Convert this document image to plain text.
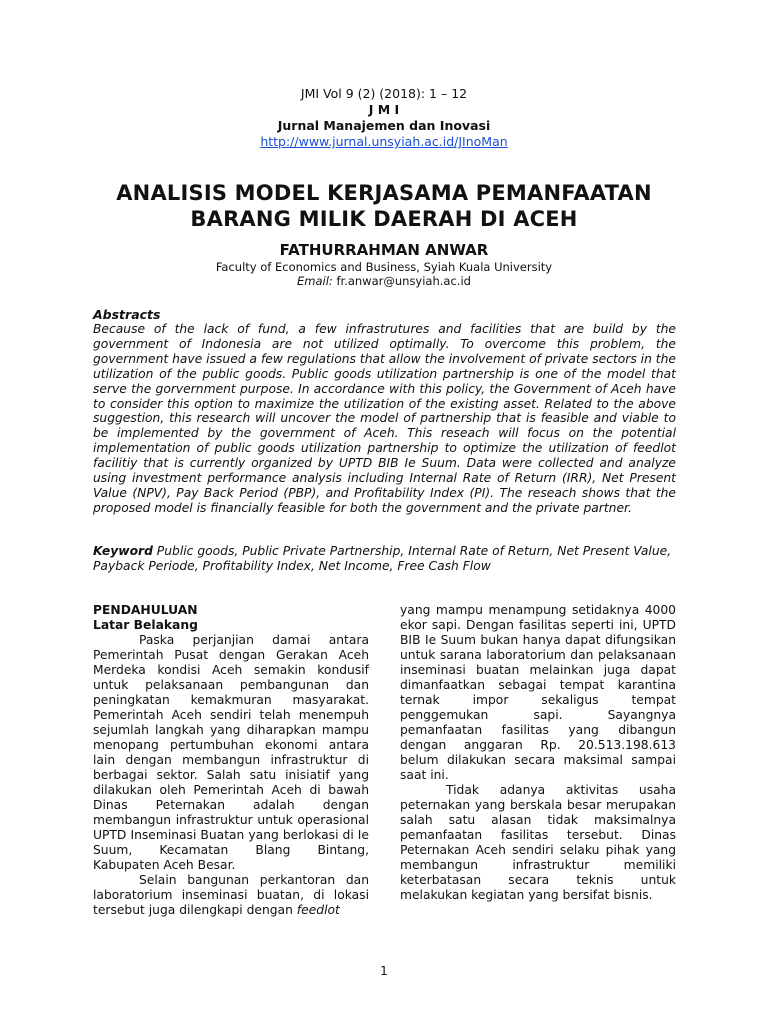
JMI Vol 9 (2) (2018): 1 – 12
J M I
Jurnal Manajemen dan Inovasi
http://www.jurnal.unsyiah.ac.id/JInoMan
ANALISIS MODEL KERJASAMA PEMANFAATAN
BARANG MILIK DAERAH DI ACEH
FATHURRAHMAN ANWAR
Faculty of Economics and Business, Syiah Kuala University
Email: fr.anwar@unsyiah.ac.id
Abstracts

Because of the lack of fund, a few infrastrutures and facilities that are build by the government of Indonesia are not utilized optimally. To overcome this problem, the government have issued a few regulations that allow the involvement of private sectors in the utilization of the public goods. Public goods utilization partnership is one of the model that serve the gorvernment purpose. In accordance with this policy, the Government of Aceh have to consider this option to maximize the utilization of the existing asset. Related to the above suggestion, this research will uncover the model of partnership that is feasible and viable to be implemented by the government of Aceh. This reseach will focus on the potential implementation of public goods utilization partnership to optimize the utilization of feedlot facilitiy that is currently organized by UPTD BIB Ie Suum. Data were collected and analyze using investment performance analysis including Internal Rate of Return (IRR), Net Present Value (NPV), Pay Back Period (PBP), and Profitability Index (PI). The reseach shows that the proposed model is financially feasible for both the government and the private partner.

Keyword Public goods, Public Private Partnership, Internal Rate of Return, Net Present Value, Payback Periode, Profitability Index, Net Income, Free Cash Flow

PENDAHULUAN

Latar Belakang

Paska perjanjian damai antara Pemerintah Pusat dengan Gerakan Aceh Merdeka kondisi Aceh semakin kondusif untuk pelaksanaan pembangunan dan peningkatan kemakmuran masyarakat. Pemerintah Aceh sendiri telah menempuh sejumlah langkah yang diharapkan mampu menopang pertumbuhan ekonomi antara lain dengan membangun infrastruktur di berbagai sektor. Salah satu inisiatif yang dilakukan oleh Pemerintah Aceh di bawah Dinas Peternakan adalah dengan membangun infrastruktur untuk operasional UPTD Inseminasi Buatan yang berlokasi di Ie Suum, Kecamatan Blang Bintang, Kabupaten Aceh Besar.

Selain bangunan perkantoran dan laboratorium inseminasi buatan, di lokasi tersebut juga dilengkapi dengan feedlot

yang mampu menampung setidaknya 4000 ekor sapi. Dengan fasilitas seperti ini, UPTD BIB Ie Suum bukan hanya dapat difungsikan untuk sarana laboratorium dan pelaksanaan inseminasi buatan melainkan juga dapat dimanfaatkan sebagai tempat karantina ternak impor sekaligus tempat penggemukan sapi. Sayangnya pemanfaatan fasilitas yang dibangun dengan anggaran Rp. 20.513.198.613 belum dilakukan secara maksimal sampai saat ini.

Tidak adanya aktivitas usaha peternakan yang berskala besar merupakan salah satu alasan tidak maksimalnya pemanfaatan fasilitas tersebut. Dinas Peternakan Aceh sendiri selaku pihak yang membangun infrastruktur memiliki keterbatasan secara teknis untuk melakukan kegiatan yang bersifat bisnis.

1
